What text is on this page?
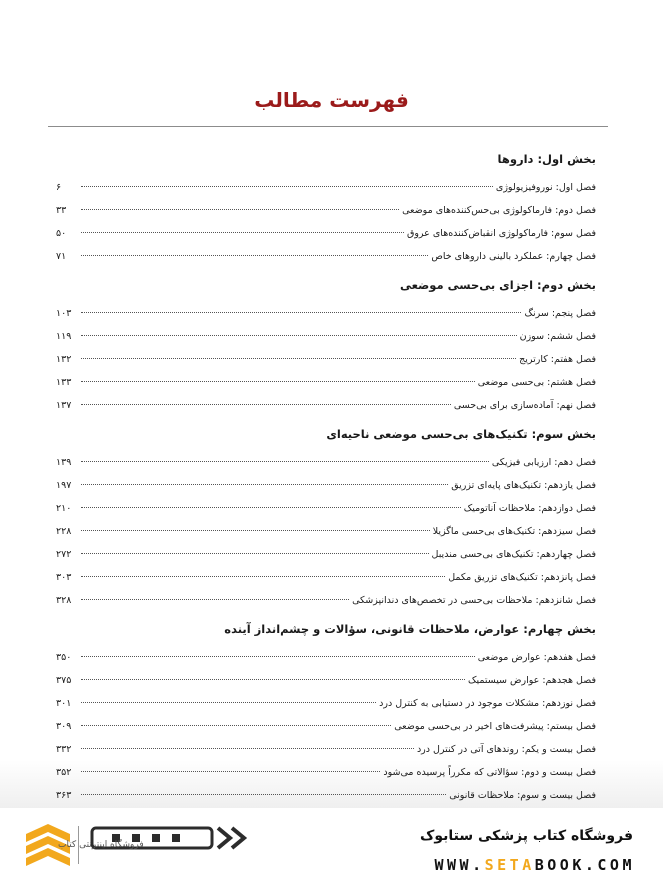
فهرست مطالب
بخش اول: داروها
فصل اول: نوروفیزیولوژی
۶
فصل دوم: فارماکولوژی بی‌حس‌کننده‌های موضعی
۳۳
فصل سوم: فارماکولوژی انقباض‌کننده‌های عروق
۵۰
فصل چهارم: عملکرد بالینی داروهای خاص
۷۱
بخش دوم: اجزای بی‌حسی موضعی
فصل پنجم: سرنگ
۱۰۳
فصل ششم: سوزن
۱۱۹
فصل هفتم: کارتریج
۱۳۲
فصل هشتم: بی‌حسی موضعی
۱۳۳
فصل نهم: آماده‌سازی برای بی‌حسی
۱۳۷
بخش سوم: تکنیک‌های بی‌حسی موضعی ناحیه‌ای
فصل دهم: ارزیابی فیزیکی
۱۳۹
فصل یازدهم: تکنیک‌های پایه‌ای تزریق
۱۹۷
فصل دوازدهم: ملاحظات آناتومیک
۲۱۰
فصل سیزدهم: تکنیک‌های بی‌حسی ماگزیلا
۲۲۸
فصل چهاردهم: تکنیک‌های بی‌حسی مندیبل
۲۷۲
فصل پانزدهم: تکنیک‌های تزریق مکمل
۳۰۳
فصل شانزدهم: ملاحظات بی‌حسی در تخصص‌های دندانپزشکی
۳۲۸
بخش چهارم: عوارض، ملاحظات قانونی، سؤالات و چشم‌انداز آینده
فصل هفدهم: عوارض موضعی
۳۵۰
فصل هجدهم: عوارض سیستمیک
۳۷۵
فصل نوزدهم: مشکلات موجود در دستیابی به کنترل درد
۳۰۱
فصل بیستم: پیشرفت‌های اخیر در بی‌حسی موضعی
۳۰۹
فصل بیست و یکم: روندهای آتی در کنترل درد
۳۳۲
فصل بیست و دوم: سؤالاتی که مکرراً پرسیده می‌شود
۳۵۲
فصل بیست و سوم: ملاحظات قانونی
۳۶۳
فروشگاه اینترنتی کتاب
فروشگاه کتاب پزشکی ستابوک
WWW.SETABOOK.COM
